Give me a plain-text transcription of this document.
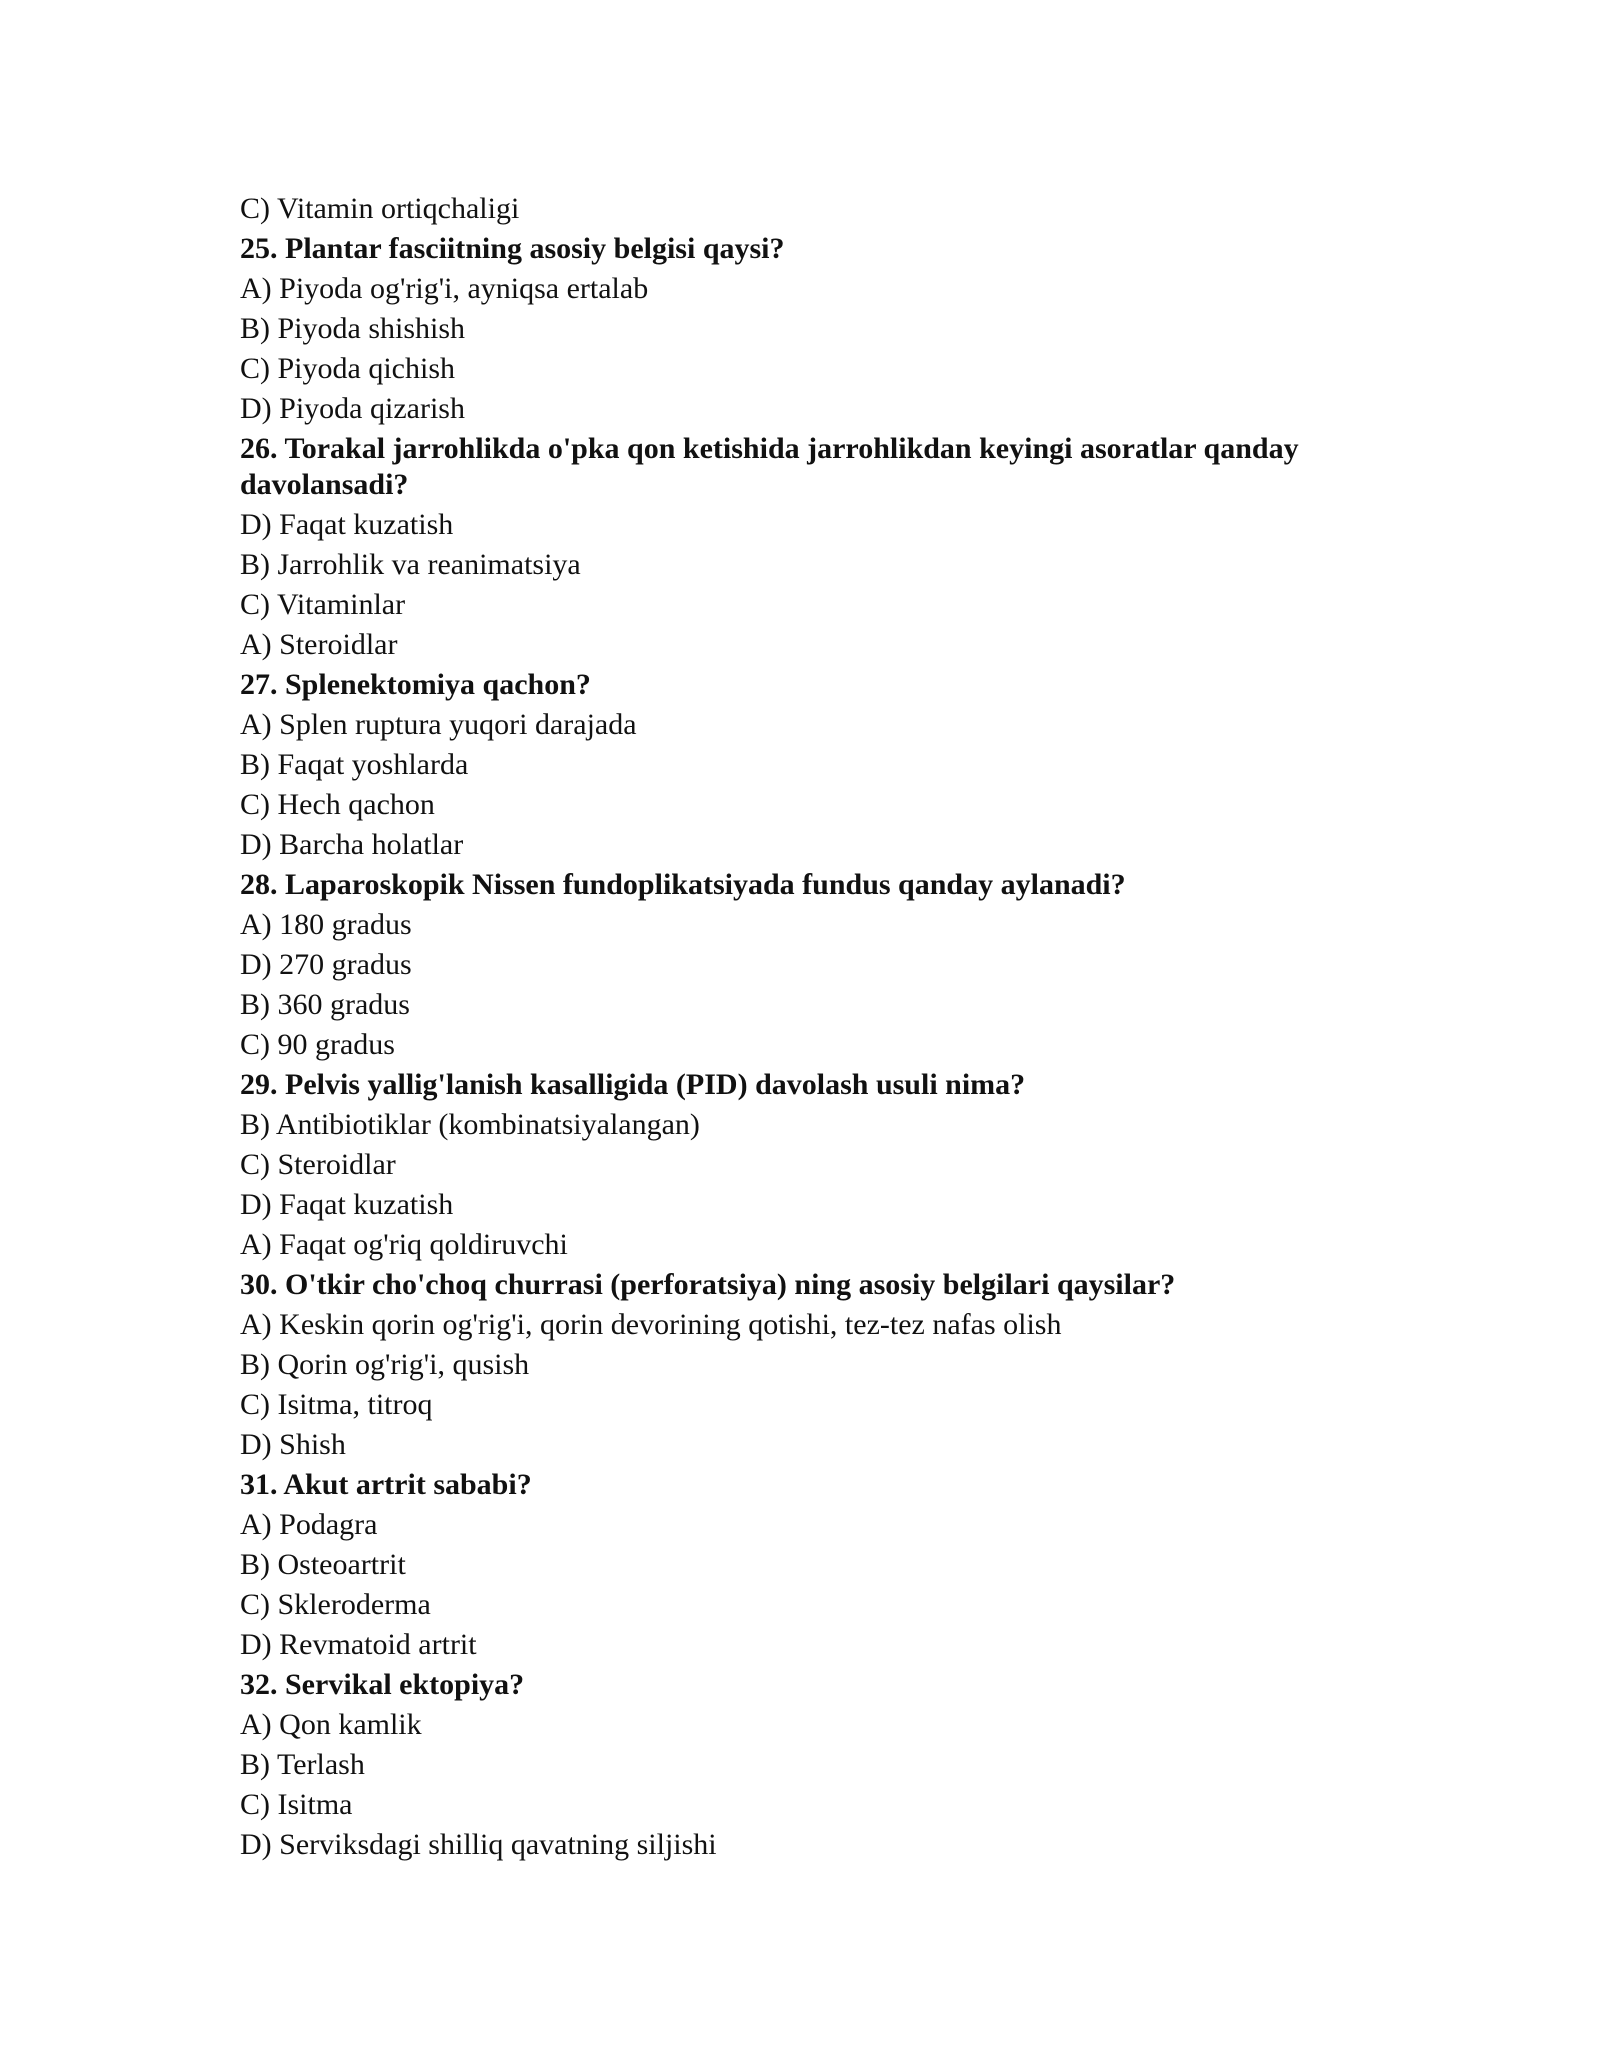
C) Vitamin ortiqchaligi
25. Plantar fasciitning asosiy belgisi qaysi?
A) Piyoda og'rig'i, ayniqsa ertalab
B) Piyoda shishish
C) Piyoda qichish
D) Piyoda qizarish
26. Torakal jarrohlikda o'pka qon ketishida jarrohlikdan keyingi asoratlar qanday davolansadi?
D) Faqat kuzatish
B) Jarrohlik va reanimatsiya
C) Vitaminlar
A) Steroidlar
27. Splenektomiya qachon?
A) Splen ruptura yuqori darajada
B) Faqat yoshlarda
C) Hech qachon
D) Barcha holatlar
28. Laparoskopik Nissen fundoplikatsiyada fundus qanday aylanadi?
A) 180 gradus
D) 270 gradus
B) 360 gradus
C) 90 gradus
29. Pelvis yallig'lanish kasalligida (PID) davolash usuli nima?
B) Antibiotiklar (kombinatsiyalangan)
C) Steroidlar
D) Faqat kuzatish
A) Faqat og'riq qoldiruvchi
30. O'tkir cho'choq churrasi (perforatsiya) ning asosiy belgilari qaysilar?
A) Keskin qorin og'rig'i, qorin devorining qotishi, tez-tez nafas olish
B) Qorin og'rig'i, qusish
C) Isitma, titroq
D) Shish
31. Akut artrit sababi?
A) Podagra
B) Osteoartrit
C) Skleroderma
D) Revmatoid artrit
32. Servikal ektopiya?
A) Qon kamlik
B) Terlash
C) Isitma
D) Serviksdagi shilliq qavatning siljishi
